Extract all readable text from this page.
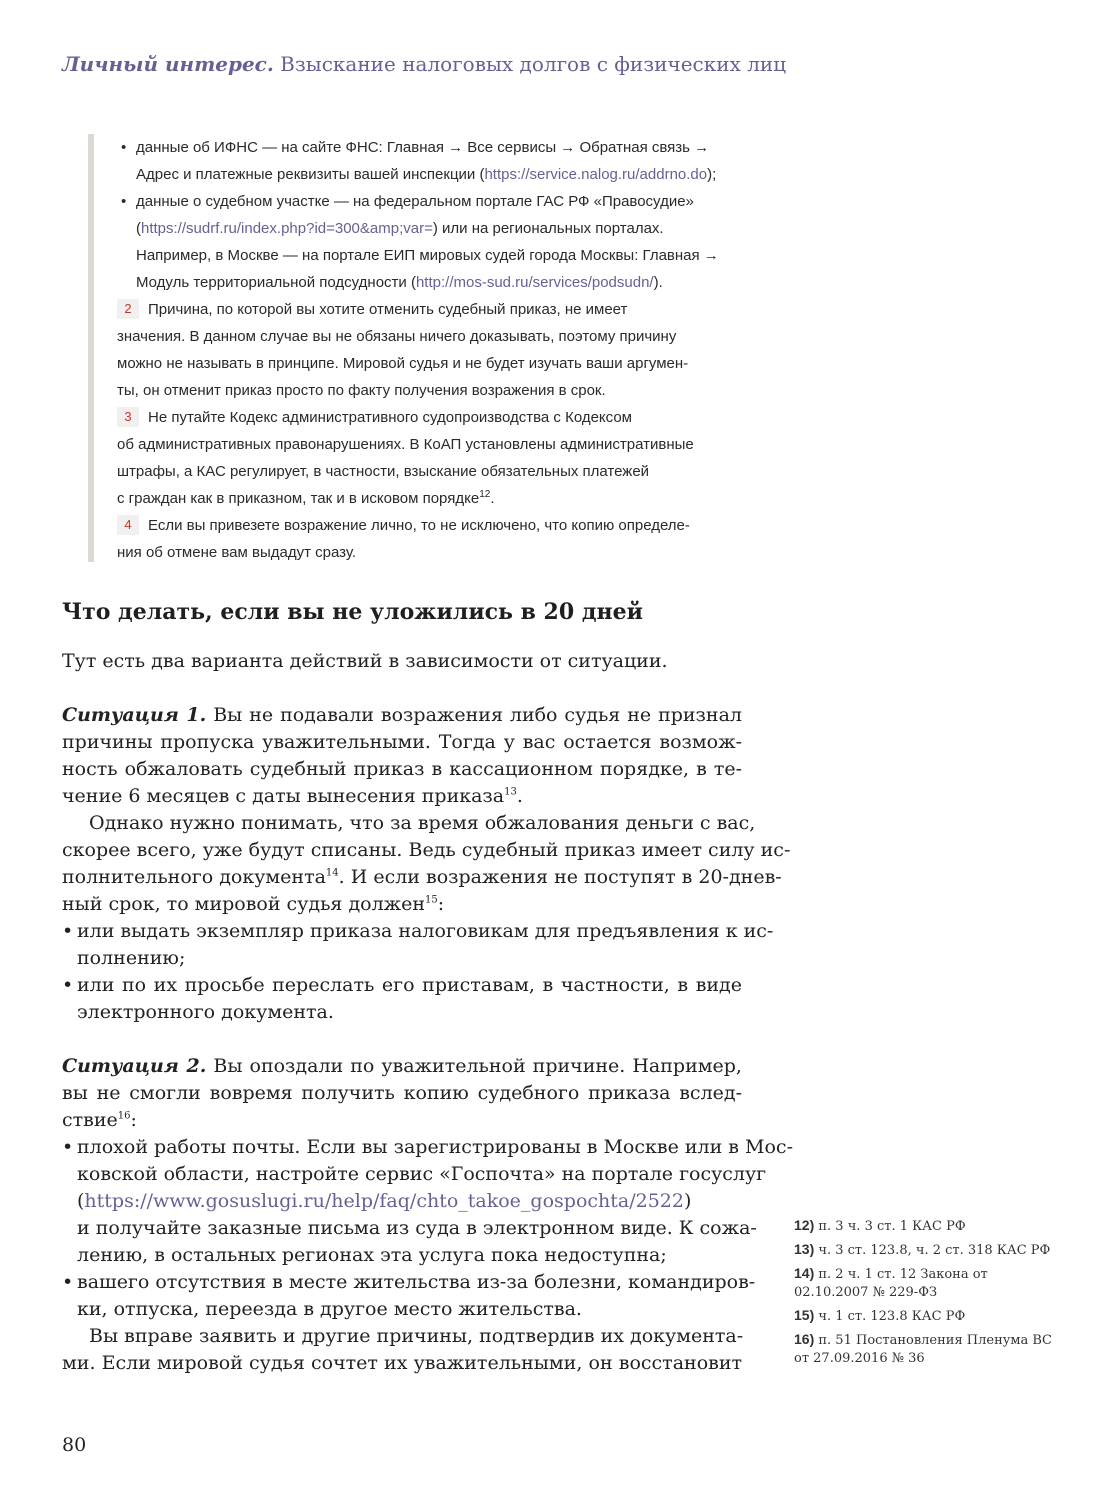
Личный интерес. Взыскание налоговых долгов с физических лиц
• данные об ИФНС — на сайте ФНС: Главная → Все сервисы → Обратная связь →
Адрес и платежные реквизиты вашей инспекции (https://service.nalog.ru/addrno.do);
• данные о судебном участке — на федеральном портале ГАС РФ «Правосудие»
(https://sudrf.ru/index.php?id=300&amp;var=) или на региональных порталах.
Например, в Москве — на портале ЕИП мировых судей города Москвы: Главная →
Модуль территориальной подсудности (http://mos-sud.ru/services/podsudn/).
2 Причина, по которой вы хотите отменить судебный приказ, не имеет
значения. В данном случае вы не обязаны ничего доказывать, поэтому причину
можно не называть в принципе. Мировой судья и не будет изучать ваши аргумен-
ты, он отменит приказ просто по факту получения возражения в срок.
3 Не путайте Кодекс административного судопроизводства с Кодексом
об административных правонарушениях. В КоАП установлены административные
штрафы, а КАС регулирует, в частности, взыскание обязательных платежей
с граждан как в приказном, так и в исковом порядке$^{12}$.
4 Если вы привезете возражение лично, то не исключено, что копию определе-
ния об отмене вам выдадут сразу.
Что делать, если вы не уложились в 20 дней
Тут есть два варианта действий в зависимости от ситуации.
Ситуация 1. Вы не подавали возражения либо судья не признал
причины пропуска уважительными. Тогда у вас остается возмож-
ность обжаловать судебный приказ в кассационном порядке, в те-
чение 6 месяцев с даты вынесения приказа$^{13}$.
Однако нужно понимать, что за время обжалования деньги с вас,
скорее всего, уже будут списаны. Ведь судебный приказ имеет силу ис-
полнительного документа$^{14}$. И если возражения не поступят в 20-днев-
ный срок, то мировой судья должен$^{15}$:
• или выдать экземпляр приказа налоговикам для предъявления к ис-
полнению;
• или по их просьбе переслать его приставам, в частности, в виде
электронного документа.
Ситуация 2. Вы опоздали по уважительной причине. Например,
вы не смогли вовремя получить копию судебного приказа вслед-
ствие$^{16}$:
• плохой работы почты. Если вы зарегистрированы в Москве или в Мос-
ковской области, настройте сервис «Госпочта» на портале госуслуг
(https://www.gosuslugi.ru/help/faq/chto_takoe_gospochta/2522)
и получайте заказные письма из суда в электронном виде. К сожа-
лению, в остальных регионах эта услуга пока недоступна;
• вашего отсутствия в месте жительства из-за болезни, командиров-
ки, отпуска, переезда в другое место жительства.
Вы вправе заявить и другие причины, подтвердив их документа-
ми. Если мировой судья сочтет их уважительными, он восстановит
12) п. 3 ч. 3 ст. 1 КАС РФ
13) ч. 3 ст. 123.8, ч. 2 ст. 318 КАС РФ
14) п. 2 ч. 1 ст. 12 Закона от 02.10.2007 № 229-ФЗ
15) ч. 1 ст. 123.8 КАС РФ
16) п. 51 Постановления Пленума ВС от 27.09.2016 № 36
80
